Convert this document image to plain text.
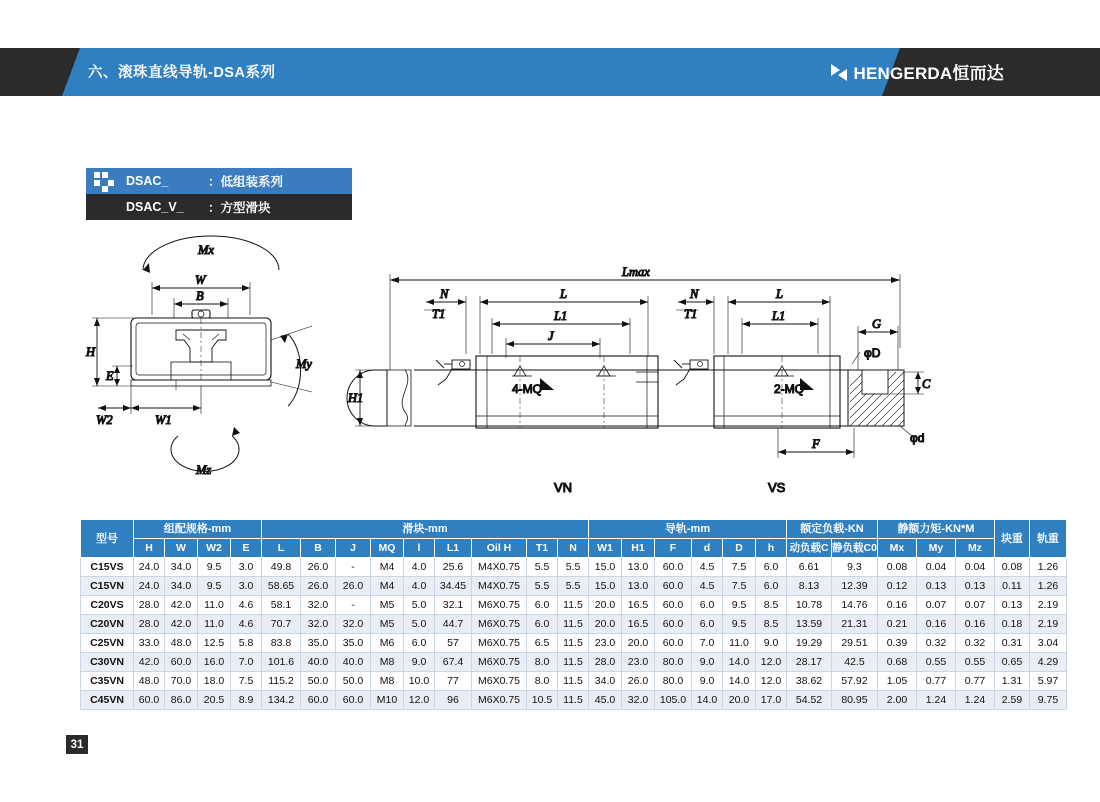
六、滚珠直线导轨-DSA系列	HENGERDA恒而达
DSAC_	：低组装系列
DSAC_V_	：方型滑块
Mx
W
B
H
E
W2	W1
My
Mz
Lmax
N	L
T1	L1
J
H1
4-MQ
N
T1
L
L1
2-MQ
G
φD
C
φd
F
VN	VS
型号	组配规格-mm				滑块-mm									导轨-mm						额定负载-KN		静额力矩-KN*M			块重	轨重
	H	W	W2	E	L	B	J	MQ	l	L1	Oil H	T1	N	W1	H1	F	d	D	h	动负载C	静负载C0	Mx	My	Mz		
C15VS	24.0	34.0	9.5	3.0	49.8	26.0	-	M4	4.0	25.6	M4X0.75	5.5	5.5	15.0	13.0	60.0	4.5	7.5	6.0	6.61	9.3	0.08	0.04	0.04	0.08	1.26
C15VN	24.0	34.0	9.5	3.0	58.65	26.0	26.0	M4	4.0	34.45	M4X0.75	5.5	5.5	15.0	13.0	60.0	4.5	7.5	6.0	8.13	12.39	0.12	0.13	0.13	0.11	1.26
C20VS	28.0	42.0	11.0	4.6	58.1	32.0	-	M5	5.0	32.1	M6X0.75	6.0	11.5	20.0	16.5	60.0	6.0	9.5	8.5	10.78	14.76	0.16	0.07	0.07	0.13	2.19
C20VN	28.0	42.0	11.0	4.6	70.7	32.0	32.0	M5	5.0	44.7	M6X0.75	6.0	11.5	20.0	16.5	60.0	6.0	9.5	8.5	13.59	21.31	0.21	0.16	0.16	0.18	2.19
C25VN	33.0	48.0	12.5	5.8	83.8	35.0	35.0	M6	6.0	57	M6X0.75	6.5	11.5	23.0	20.0	60.0	7.0	11.0	9.0	19.29	29.51	0.39	0.32	0.32	0.31	3.04
C30VN	42.0	60.0	16.0	7.0	101.6	40.0	40.0	M8	9.0	67.4	M6X0.75	8.0	11.5	28.0	23.0	80.0	9.0	14.0	12.0	28.17	42.5	0.68	0.55	0.55	0.65	4.29
C35VN	48.0	70.0	18.0	7.5	115.2	50.0	50.0	M8	10.0	77	M6X0.75	8.0	11.5	34.0	26.0	80.0	9.0	14.0	12.0	38.62	57.92	1.05	0.77	0.77	1.31	5.97
C45VN	60.0	86.0	20.5	8.9	134.2	60.0	60.0	M10	12.0	96	M6X0.75	10.5	11.5	45.0	32.0	105.0	14.0	20.0	17.0	54.52	80.95	2.00	1.24	1.24	2.59	9.75
31
